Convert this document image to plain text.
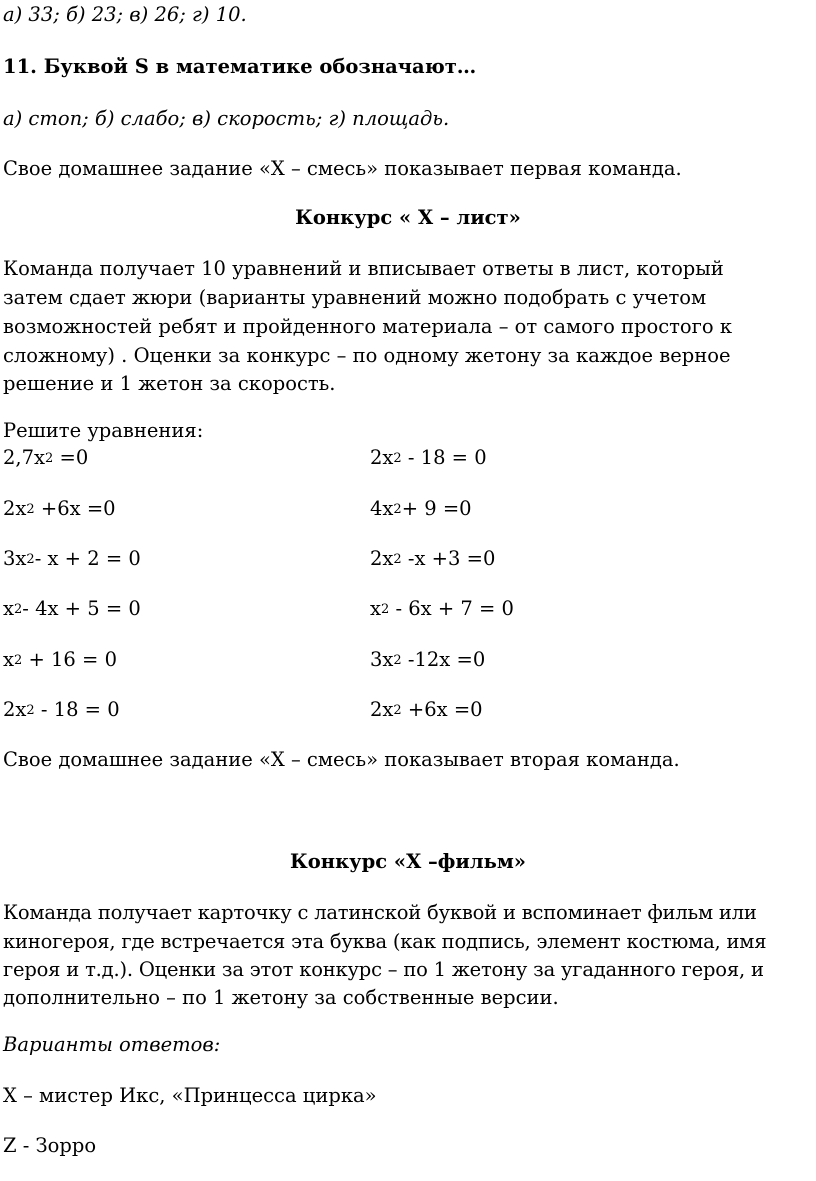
а) 33; б) 23; в) 26; г) 10.
11. Буквой S в математике обозначают…
а) стоп; б) слабо; в) скорость; г) площадь.
Свое домашнее задание «Х – смесь» показывает первая команда.
Конкурс « Х – лист»
Команда получает 10 уравнений и вписывает ответы в лист, который
затем сдает жюри (варианты уравнений можно подобрать с учетом
возможностей ребят и пройденного материала – от самого простого к
сложному) . Оценки за конкурс – по одному жетону за каждое верное
решение и 1 жетон за скорость.
Решите уравнения:
$2,7х^2 =0$	$2х^2 - 18 = 0$
$2х^2 +6х =0$	$4х^2+ 9 =0$
$3х^2-$ х + 2 = 0	$2х^2$ -х +3 =0
$х^2-$ 4х + 5 = 0	$х^2 - 6х + 7 = 0$
$х^2 + 16 = 0$	$3х^2$ -12х =0
$2х^2 - 18 = 0$	$2х^2 +6х =0$
Свое домашнее задание «Х – смесь» показывает вторая команда.
Конкурс «Х –фильм»
Команда получает карточку с латинской буквой и вспоминает фильм или
киногероя, где встречается эта буква (как подпись, элемент костюма, имя
героя и т.д.). Оценки за этот конкурс – по 1 жетону за угаданного героя, и
дополнительно – по 1 жетону за собственные версии.
Варианты ответов:
Х – мистер Икс, «Принцесса цирка»
Z - Зорро
